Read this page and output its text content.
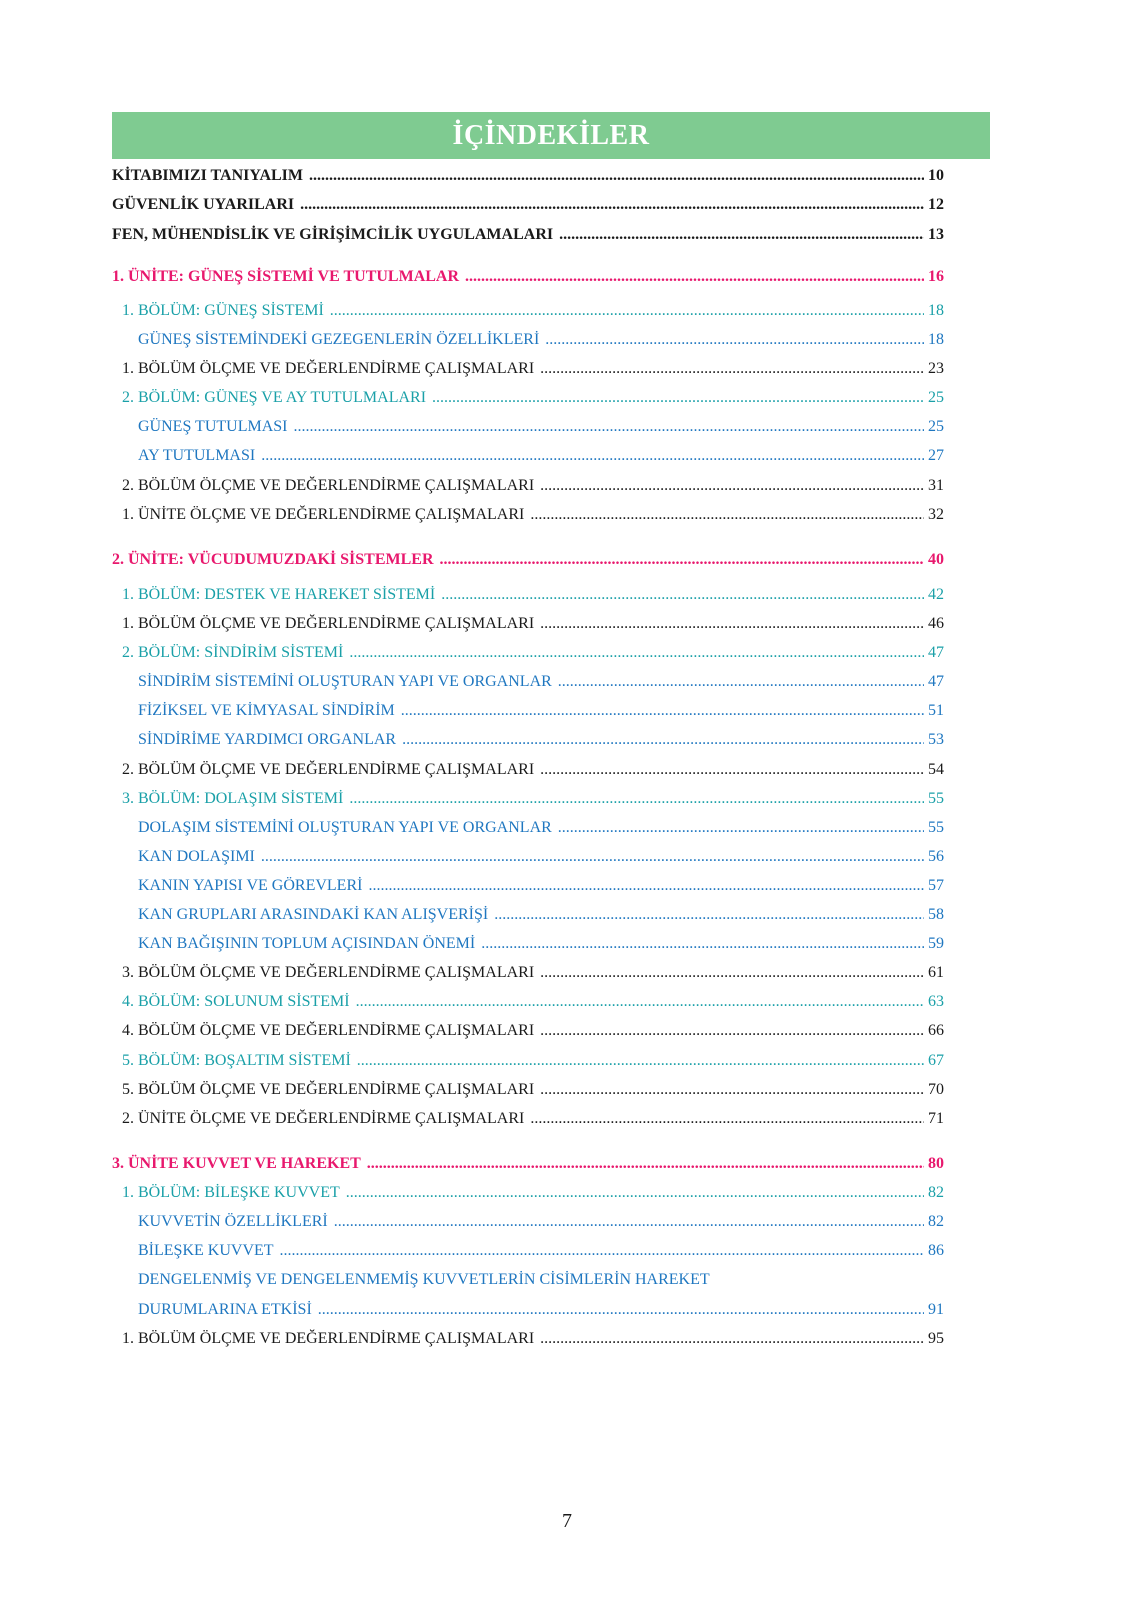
İÇİNDEKİLER
KİTABIMIZI TANIYALIM .....	10
GÜVENLİK UYARILARI .....	12
FEN, MÜHENDİSLİK VE GİRİŞİMCİLİK UYGULAMALARI .....	13
1. ÜNİTE: GÜNEŞ SİSTEMİ VE TUTULMALAR .....	16
1. BÖLÜM: GÜNEŞ SİSTEMİ .....	18
GÜNEŞ SİSTEMİNDEKİ GEZEGENLERİN ÖZELLİKLERİ .....	18
1. BÖLÜM ÖLÇME VE DEĞERLENDİRME ÇALIŞMALARI .....	23
2. BÖLÜM: GÜNEŞ VE AY TUTULMALARI .....	25
GÜNEŞ TUTULMASI .....	25
AY TUTULMASI .....	27
2. BÖLÜM ÖLÇME VE DEĞERLENDİRME ÇALIŞMALARI .....	31
1. ÜNİTE ÖLÇME VE DEĞERLENDİRME ÇALIŞMALARI .....	32
2. ÜNİTE: VÜCUDUMUZDAKİ SİSTEMLER .....	40
1. BÖLÜM: DESTEK VE HAREKET SİSTEMİ .....	42
1. BÖLÜM ÖLÇME VE DEĞERLENDİRME ÇALIŞMALARI .....	46
2. BÖLÜM: SİNDİRİM SİSTEMİ .....	47
SİNDİRİM SİSTEMİNİ OLUŞTURAN YAPI VE ORGANLAR .....	47
FİZİKSEL VE KİMYASAL SİNDİRİM .....	51
SİNDİRİME YARDIMCI ORGANLAR .....	53
2. BÖLÜM ÖLÇME VE DEĞERLENDİRME ÇALIŞMALARI .....	54
3. BÖLÜM: DOLAŞIM SİSTEMİ .....	55
DOLAŞIM SİSTEMİNİ OLUŞTURAN YAPI VE ORGANLAR .....	55
KAN DOLAŞIMI .....	56
KANIN YAPISI VE GÖREVLERİ .....	57
KAN GRUPLARI ARASINDAKİ KAN ALIŞVERİŞİ .....	58
KAN BAĞIŞININ TOPLUM AÇISINDAN ÖNEMİ .....	59
3. BÖLÜM ÖLÇME VE DEĞERLENDİRME ÇALIŞMALARI .....	61
4. BÖLÜM: SOLUNUM SİSTEMİ .....	63
4. BÖLÜM ÖLÇME VE DEĞERLENDİRME ÇALIŞMALARI .....	66
5. BÖLÜM: BOŞALTIM SİSTEMİ .....	67
5. BÖLÜM ÖLÇME VE DEĞERLENDİRME ÇALIŞMALARI .....	70
2. ÜNİTE ÖLÇME VE DEĞERLENDİRME ÇALIŞMALARI .....	71
3. ÜNİTE KUVVET VE HAREKET .....	80
1. BÖLÜM: BİLEŞKE KUVVET .....	82
KUVVETİN ÖZELLİKLERİ .....	82
BİLEŞKE KUVVET .....	86
DENGELENMİŞ VE DENGELENMEMİŞ KUVVETLERİN CİSİMLERİN HAREKET
DURUMLARINA ETKİSİ .....	91
1. BÖLÜM ÖLÇME VE DEĞERLENDİRME ÇALIŞMALARI .....	95
7
